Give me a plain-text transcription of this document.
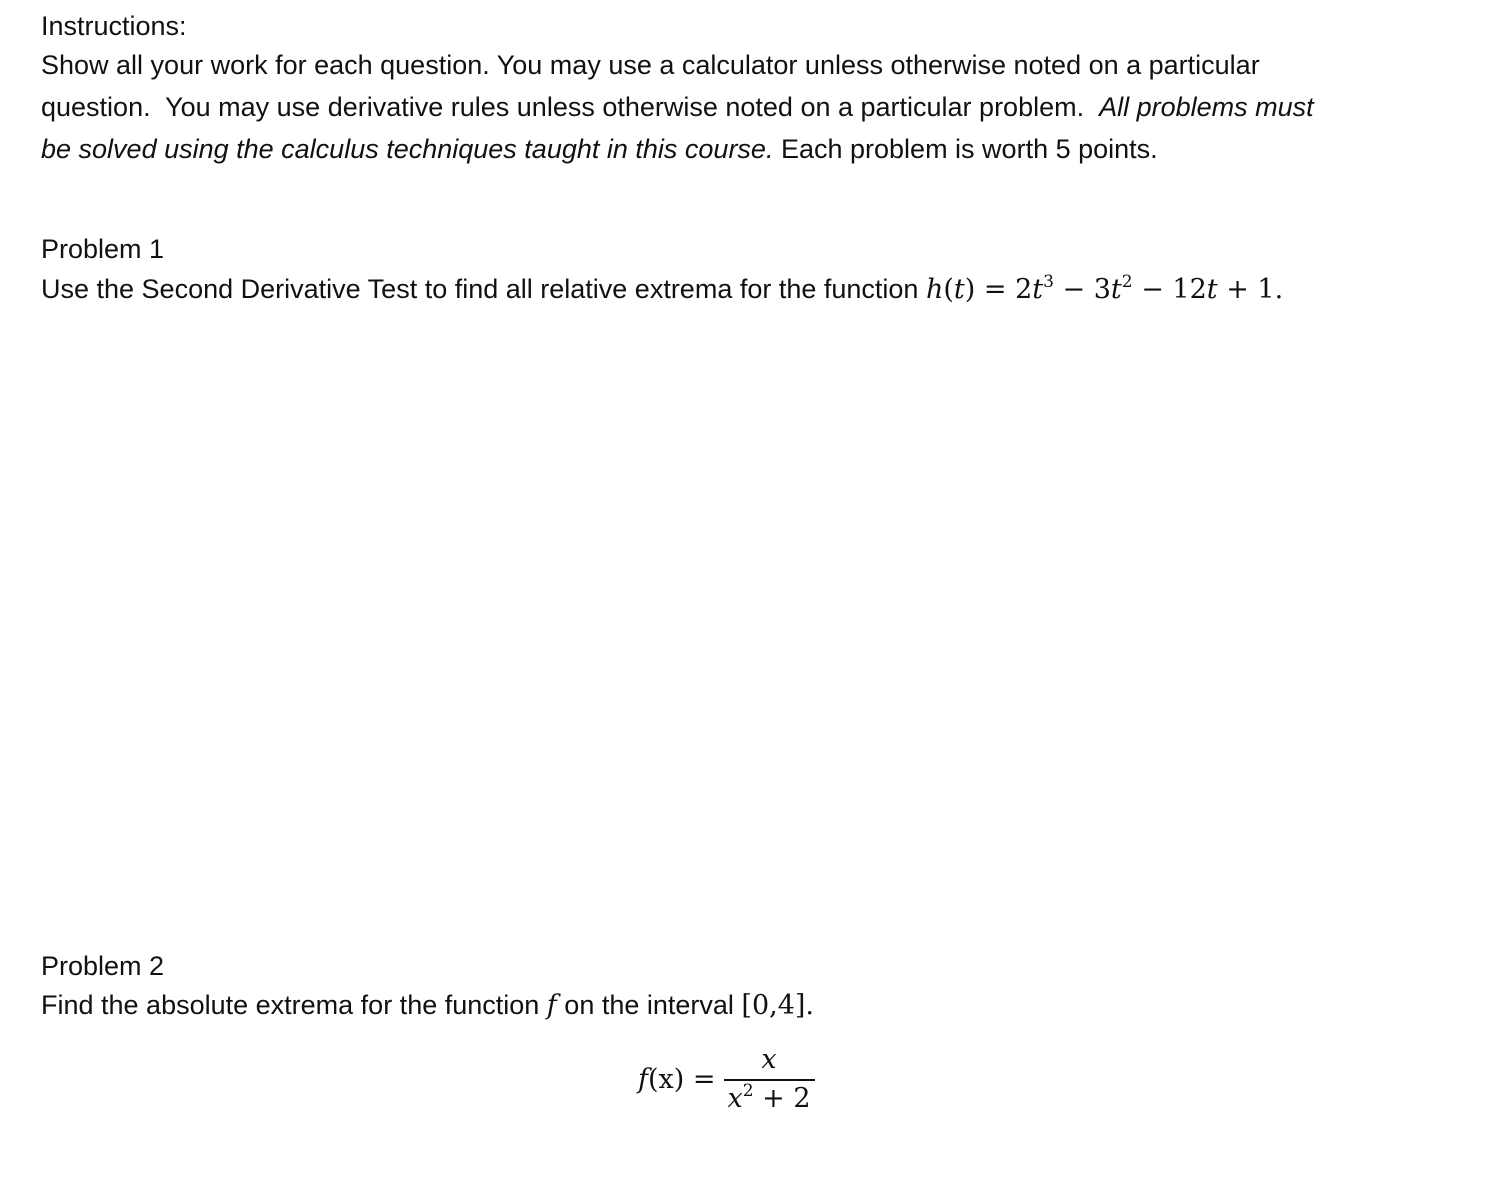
Instructions:
Show all your work for each question. You may use a calculator unless otherwise noted on a particular
question.  You may use derivative rules unless otherwise noted on a particular problem.  All problems must
be solved using the calculus techniques taught in this course. Each problem is worth 5 points.
Problem 1
Use the Second Derivative Test to find all relative extrema for the function $h(t) = 2t^3 - 3t^2 - 12t + 1$.
Problem 2
Find the absolute extrema for the function f on the interval [0,4].
$f(x) = \frac{x}{x^2 + 2}$
